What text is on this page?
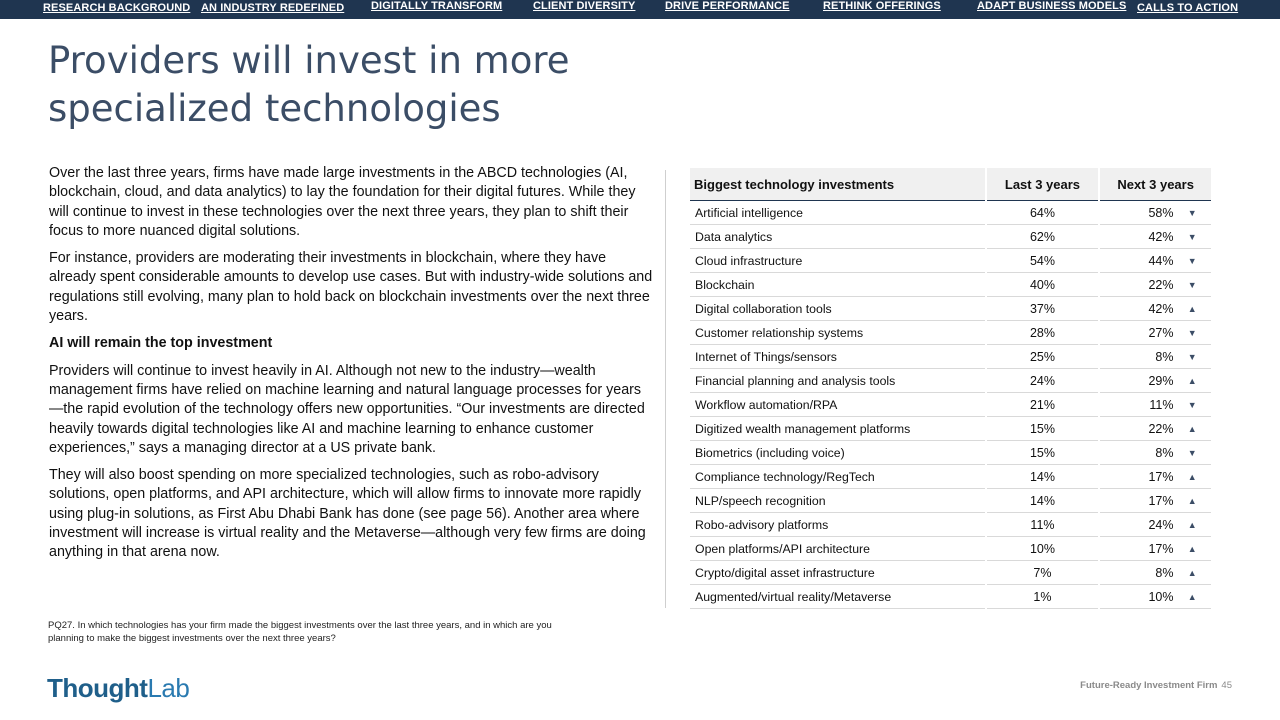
RESEARCH BACKGROUND AN INDUSTRY REDEFINED DIGITALLY TRANSFORM	CLIENT DIVERSITY	DRIVE PERFORMANCE	RETHINK OFFERINGS	ADAPT BUSINESS MODELS CALLS TO ACTION
Providers will invest in more specialized technologies

Over the last three years, firms have made large investments in the ABCD technologies (AI, blockchain, cloud, and data analytics) to lay the foundation for their digital futures. While they will continue to invest in these technologies over the next three years, they plan to shift their focus to more nuanced digital solutions.

For instance, providers are moderating their investments in blockchain, where they have already spent considerable amounts to develop use cases. But with industry-wide solutions and regulations still evolving, many plan to hold back on blockchain investments over the next three years.

AI will remain the top investment

Providers will continue to invest heavily in AI. Although not new to the industry—wealth management firms have relied on machine learning and natural language processes for years—the rapid evolution of the technology offers new opportunities. “Our investments are directed heavily towards digital technologies like AI and machine learning to enhance customer experiences,” says a managing director at a US private bank.

They will also boost spending on more specialized technologies, such as robo-advisory solutions, open platforms, and API architecture, which will allow firms to innovate more rapidly using plug-in solutions, as First Abu Dhabi Bank has done (see page 56). Another area where investment will increase is virtual reality and the Metaverse—although very few firms are doing anything in that arena now.

Biggest technology investments	Last 3 years	Next 3 years	
Artificial intelligence	64%	58%	▼
Data analytics	62%	42%	▼
Cloud infrastructure	54%	44%	▼
Blockchain	40%	22%	▼
Digital collaboration tools	37%	42%	▲
Customer relationship systems	28%	27%	▼
Internet of Things/sensors	25%	8%	▼
Financial planning and analysis tools	24%	29%	▲
Workflow automation/RPA	21%	11%	▼
Digitized wealth management platforms	15%	22%	▲
Biometrics (including voice)	15%	8%	▼
Compliance technology/RegTech	14%	17%	▲
NLP/speech recognition	14%	17%	▲
Robo-advisory platforms	11%	24%	▲
Open platforms/API architecture	10%	17%	▲
Crypto/digital asset infrastructure	7%	8%	▲
Augmented/virtual reality/Metaverse	1%	10%	▲
PQ27. In which technologies has your firm made the biggest investments over the last three years, and in which are you planning to make the biggest investments over the next three years?
ThoughtLab	Future-Ready Investment Firm 45
